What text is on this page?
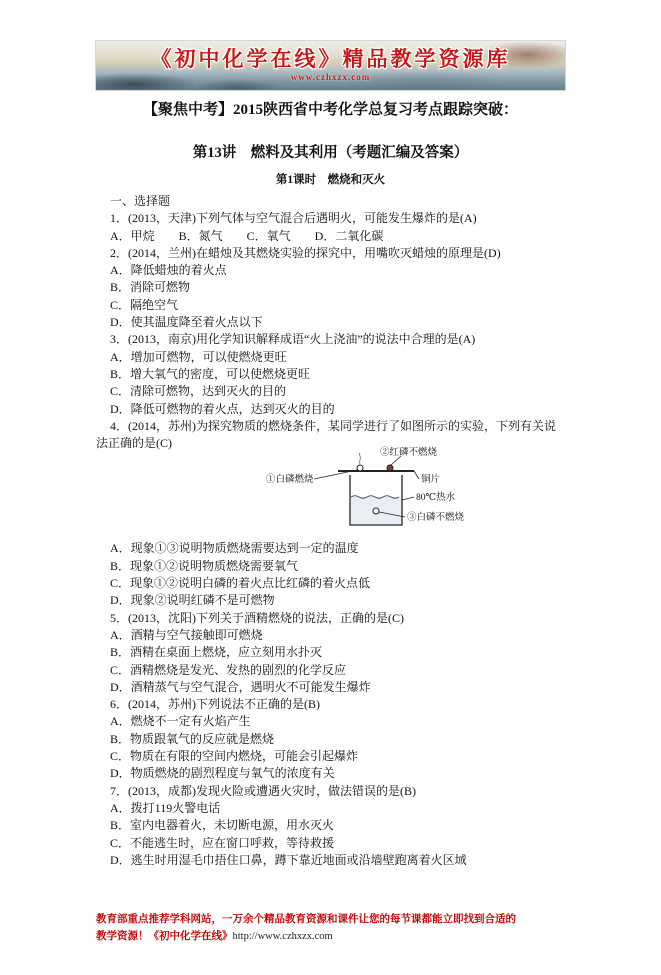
《初中化学在线》精品教学资源库
www.czhxzx.com
【聚焦中考】2015陕西省中考化学总复习考点跟踪突破：
第13讲　燃料及其利用（考题汇编及答案）
第1课时　燃烧和灭火

一、选择题

1．(2013，天津)下列气体与空气混合后遇明火，可能发生爆炸的是(A)

A．甲烷　　B．氮气　　C．氧气　　D．二氧化碳

2．(2014，兰州)在蜡烛及其燃烧实验的探究中，用嘴吹灭蜡烛的原理是(D)

A．降低蜡烛的着火点

B．消除可燃物

C．隔绝空气

D．使其温度降至着火点以下

3．(2013，南京)用化学知识解释成语“火上浇油”的说法中合理的是(A)

A．增加可燃物，可以使燃烧更旺

B．增大氧气的密度，可以使燃烧更旺

C．清除可燃物，达到灭火的目的

D．降低可燃物的着火点，达到灭火的目的

4．(2014，苏州)为探究物质的燃烧条件，某同学进行了如图所示的实验，下列有关说法正确的是(C)

②红磷不燃烧
①白磷燃烧	铜片
80℃热水
③白磷不燃烧

A．现象①③说明物质燃烧需要达到一定的温度

B．现象①②说明物质燃烧需要氧气

C．现象①②说明白磷的着火点比红磷的着火点低

D．现象②说明红磷不是可燃物

5．(2013，沈阳)下列关于酒精燃烧的说法，正确的是(C)

A．酒精与空气接触即可燃烧

B．酒精在桌面上燃烧，应立刻用水扑灭

C．酒精燃烧是发光、发热的剧烈的化学反应

D．酒精蒸气与空气混合，遇明火不可能发生爆炸

6．(2014，苏州)下列说法不正确的是(B)

A．燃烧不一定有火焰产生

B．物质跟氧气的反应就是燃烧

C．物质在有限的空间内燃烧，可能会引起爆炸

D．物质燃烧的剧烈程度与氧气的浓度有关

7．(2013，成都)发现火险或遭遇火灾时，做法错误的是(B)

A．拨打119火警电话

B．室内电器着火，未切断电源，用水灭火

C．不能逃生时，应在窗口呼救，等待救援

D．逃生时用湿毛巾捂住口鼻，蹲下靠近地面或沿墙壁跑离着火区域

教育部重点推荐学科网站，一万余个精品教育资源和课件让您的每节课都能立即找到合适的

教学资源！《初中化学在线》http://www.czhxzx.com
